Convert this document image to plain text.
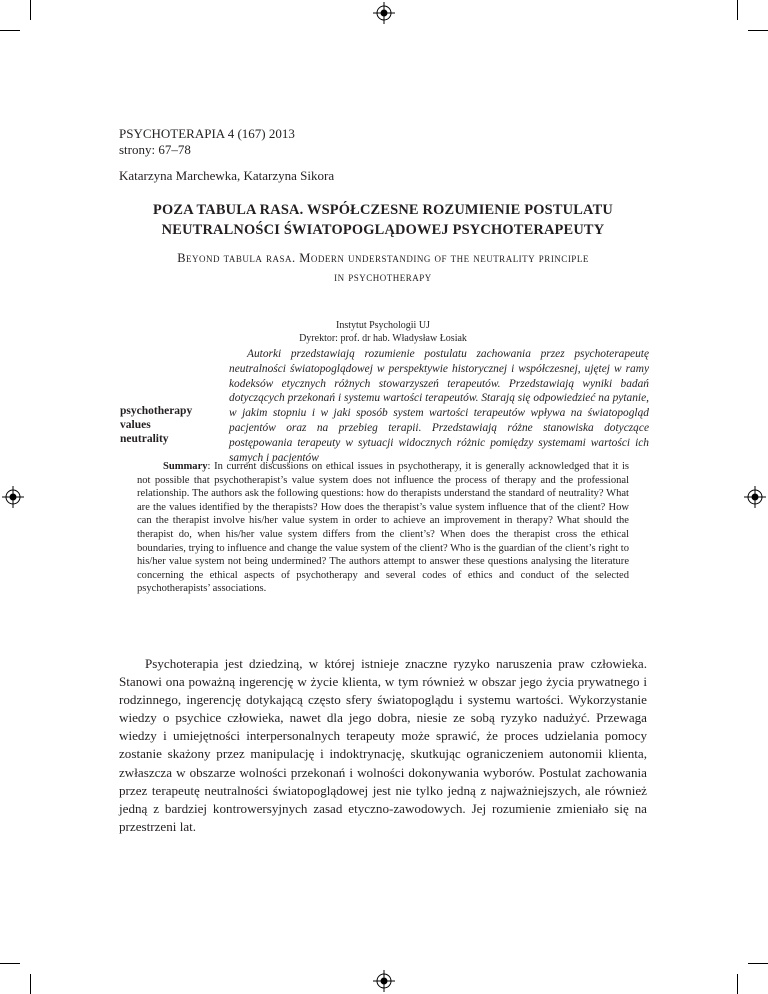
PSYCHOTERAPIA 4 (167) 2013
strony: 67–78
Katarzyna Marchewka, Katarzyna Sikora
POZA TABULA RASA. WSPÓŁCZESNE ROZUMIENIE POSTULATU
NEUTRALNOŚCI ŚWIATOPOGLĄDOWEJ PSYCHOTERAPEUTY
Beyond tabula rasa. Modern understanding of the neutrality principle
in psychotherapy
Instytut Psychologii UJ
Dyrektor: prof. dr hab. Władysław Łosiak
psychotherapy
values
neutrality
Autorki przedstawiają rozumienie postulatu zachowania przez psychoterapeutę neutralności światopoglądowej w perspektywie historycznej i współczesnej, ujętej w ramy kodeksów etycznych różnych stowarzyszeń terapeutów. Przedstawiają wyniki badań dotyczących przekonań i systemu wartości terapeutów. Starają się odpowiedzieć na pytanie, w jakim stopniu i w jaki sposób system wartości terapeutów wpływa na światopogląd pacjentów oraz na przebieg terapii. Przedstawiają różne stanowiska dotyczące postępowania terapeuty w sytuacji widocznych różnic pomiędzy systemami wartości ich samych i pacjentów
Summary: In current discussions on ethical issues in psychotherapy, it is generally acknowledged that it is not possible that psychotherapist’s value system does not influence the process of therapy and the professional relationship. The authors ask the following questions: how do therapists understand the standard of neutrality? What are the values identified by the therapists? How does the therapist’s value system influence that of the client? How can the therapist involve his/her value system in order to achieve an improvement in therapy? What should the therapist do, when his/her value system differs from the client’s? When does the therapist cross the ethical boundaries, trying to influence and change the value system of the client? Who is the guardian of the client’s right to his/her value system not being undermined? The authors attempt to answer these questions analysing the literature concerning the ethical aspects of psychotherapy and several codes of ethics and conduct of the selected psychotherapists’ associations.
Psychoterapia jest dziedziną, w której istnieje znaczne ryzyko naruszenia praw człowieka. Stanowi ona poważną ingerencję w życie klienta, w tym również w obszar jego życia prywatnego i rodzinnego, ingerencję dotykającą często sfery światopoglądu i systemu wartości. Wykorzystanie wiedzy o psychice człowieka, nawet dla jego dobra, niesie ze sobą ryzyko nadużyć. Przewaga wiedzy i umiejętności interpersonalnych terapeuty może sprawić, że proces udzielania pomocy zostanie skażony przez manipulację i indoktrynację, skutkując ograniczeniem autonomii klienta, zwłaszcza w obszarze wolności przekonań i wolności dokonywania wyborów. Postulat zachowania przez terapeutę neutralności światopoglądowej jest nie tylko jedną z najważniejszych, ale również jedną z bardziej kontrowersyjnych zasad etyczno-zawodowych. Jej rozumienie zmieniało się na przestrzeni lat.
